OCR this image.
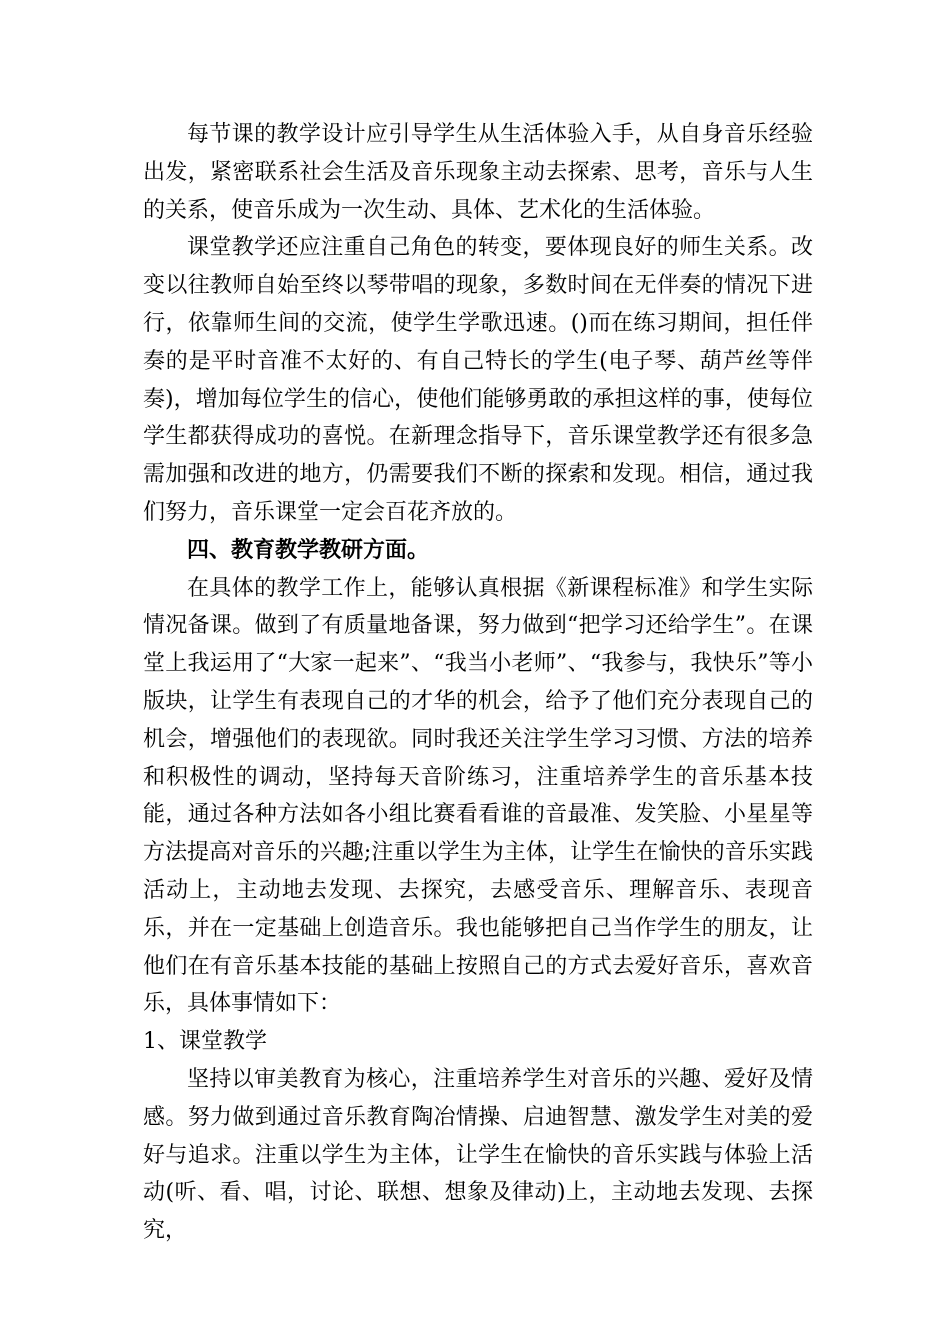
每节课的教学设计应引导学生从生活体验入手，从自身音乐经验出发，紧密联系社会生活及音乐现象主动去探索、思考，音乐与人生的关系，使音乐成为一次生动、具体、艺术化的生活体验。

课堂教学还应注重自己角色的转变，要体现良好的师生关系。改变以往教师自始至终以琴带唱的现象，多数时间在无伴奏的情况下进行，依靠师生间的交流，使学生学歌迅速。()而在练习期间，担任伴奏的是平时音准不太好的、有自己特长的学生(电子琴、葫芦丝等伴奏)，增加每位学生的信心，使他们能够勇敢的承担这样的事，使每位学生都获得成功的喜悦。在新理念指导下，音乐课堂教学还有很多急需加强和改进的地方，仍需要我们不断的探索和发现。相信，通过我们努力，音乐课堂一定会百花齐放的。

四、教育教学教研方面。

在具体的教学工作上，能够认真根据《新课程标准》和学生实际情况备课。做到了有质量地备课，努力做到“把学习还给学生”。在课堂上我运用了“大家一起来”、“我当小老师”、“我参与，我快乐”等小版块，让学生有表现自己的才华的机会，给予了他们充分表现自己的机会，增强他们的表现欲。同时我还关注学生学习习惯、方法的培养和积极性的调动，坚持每天音阶练习，注重培养学生的音乐基本技能，通过各种方法如各小组比赛看看谁的音最准、发笑脸、小星星等方法提高对音乐的兴趣;注重以学生为主体，让学生在愉快的音乐实践活动上，主动地去发现、去探究，去感受音乐、理解音乐、表现音乐，并在一定基础上创造音乐。我也能够把自己当作学生的朋友，让他们在有音乐基本技能的基础上按照自己的方式去爱好音乐，喜欢音乐，具体事情如下：

1、课堂教学

坚持以审美教育为核心，注重培养学生对音乐的兴趣、爱好及情感。努力做到通过音乐教育陶冶情操、启迪智慧、激发学生对美的爱好与追求。注重以学生为主体，让学生在愉快的音乐实践与体验上活动(听、看、唱，讨论、联想、想象及律动)上，主动地去发现、去探究，
